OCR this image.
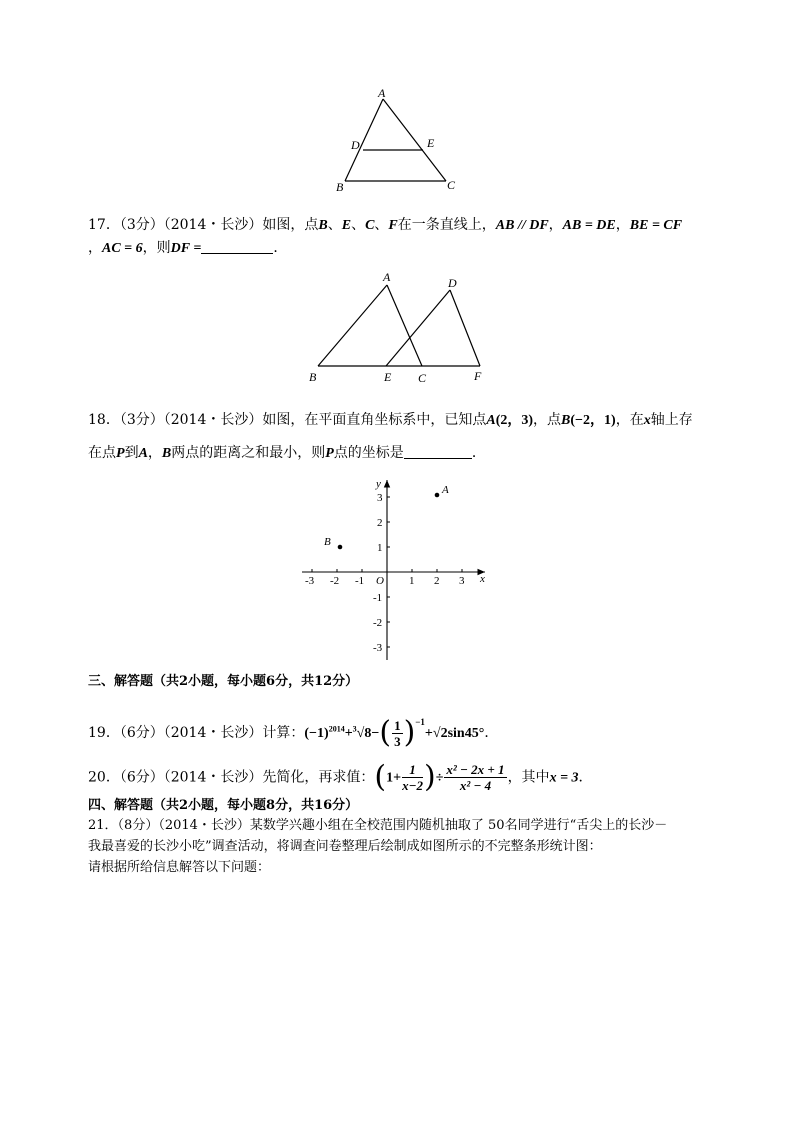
A
D	E
B	C
17．（3分）（2014・长沙）如图，点B、E、C、F在一条直线上，AB // DF，AB = DE，BE = CF
，AC = 6，则DF =	．
A	D
B	E C	F
18．（3分）（2014・长沙）如图，在平面直角坐标系中，已知点A(2，3)，点B(−2，1)，在x轴上存
在点P到A，B两点的距离之和最小，则P点的坐标是	．
y
x
O
A
B
-3 -2 -1	1 2 3
3
2
1
-1
-2
-3
三、解答题（共2小题，每小题6分，共12分）
19．（6分）（2014・长沙）计算：$(-1)^{2014}+^3√8-( \frac{1}{3} )^{-1}+√2\sin 45^\circ$．
20．（6分）（2014・长沙）先简化，再求值：($1+ \frac{1}{x-2}$ )÷ $\frac{\text{x² − 2x + 1}}{\text{x² − 4}}$ ，其中x = 3．
四、解答题（共2小题，每小题8分，共16分）
21．（8分）（2014・长沙）某数学兴趣小组在全校范围内随机抽取了 50名同学进行“舌尖上的长沙－
我最喜爱的长沙小吃”调查活动，将调查问卷整理后绘制成如图所示的不完整条形统计图：
请根据所给信息解答以下问题：
